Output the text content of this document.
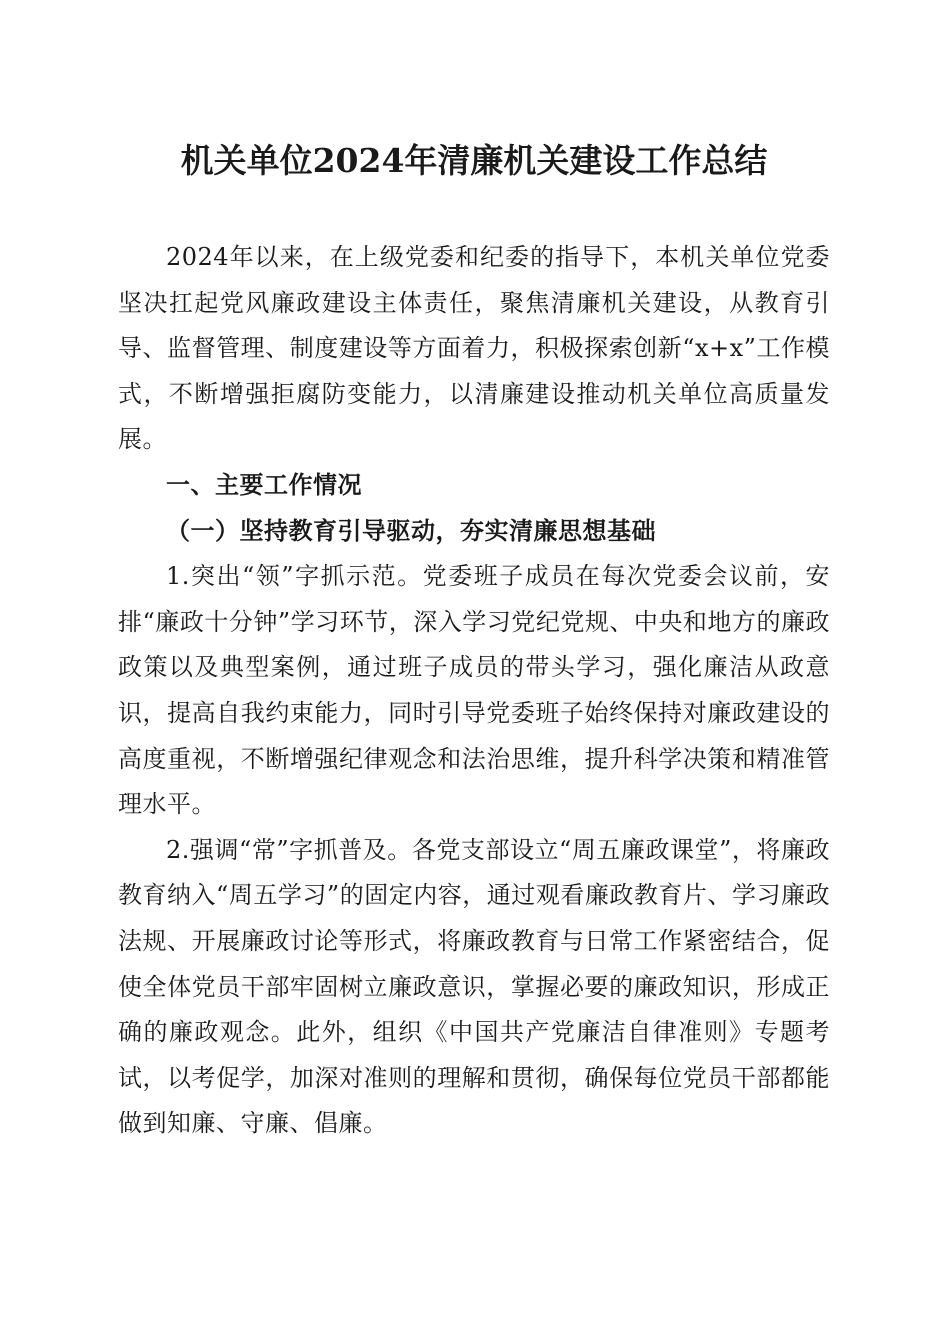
机关单位2024年清廉机关建设工作总结

2024年以来，在上级党委和纪委的指导下，本机关单位党委坚决扛起党风廉政建设主体责任，聚焦清廉机关建设，从教育引导、监督管理、制度建设等方面着力，积极探索创新“x+x”工作模式，不断增强拒腐防变能力，以清廉建设推动机关单位高质量发展。

一、主要工作情况

（一）坚持教育引导驱动，夯实清廉思想基础

1.突出“领”字抓示范。党委班子成员在每次党委会议前，安排“廉政十分钟”学习环节，深入学习党纪党规、中央和地方的廉政政策以及典型案例，通过班子成员的带头学习，强化廉洁从政意识，提高自我约束能力，同时引导党委班子始终保持对廉政建设的高度重视，不断增强纪律观念和法治思维，提升科学决策和精准管理水平。

2.强调“常”字抓普及。各党支部设立“周五廉政课堂”，将廉政教育纳入“周五学习”的固定内容，通过观看廉政教育片、学习廉政法规、开展廉政讨论等形式，将廉政教育与日常工作紧密结合，促使全体党员干部牢固树立廉政意识，掌握必要的廉政知识，形成正确的廉政观念。此外，组织《中国共产党廉洁自律准则》专题考试，以考促学，加深对准则的理解和贯彻，确保每位党员干部都能做到知廉、守廉、倡廉。
